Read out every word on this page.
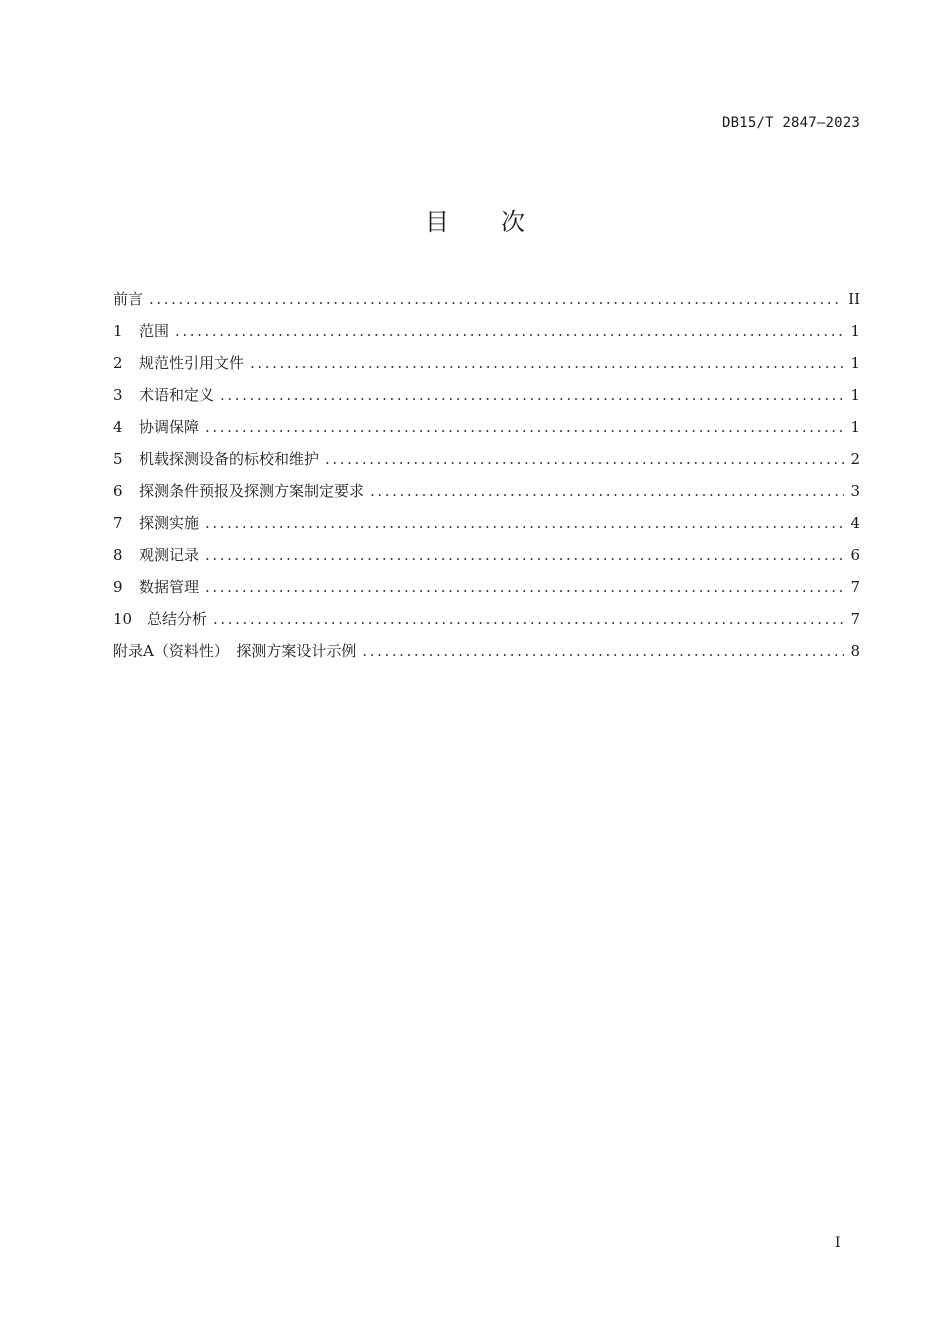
DB15/T 2847—2023
目 次
前言 .....	II
1	范围 .....	1
2	规范性引用文件 .....	1
3	术语和定义 .....	1
4	协调保障 .....	1
5	机载探测设备的标校和维护 .....	2
6	探测条件预报及探测方案制定要求 .....	3
7	探测实施 .....	4
8	观测记录 .....	6
9	数据管理 .....	7
10 总结分析 .....	7
附录A（资料性）　探测方案设计示例 .....	8
I
